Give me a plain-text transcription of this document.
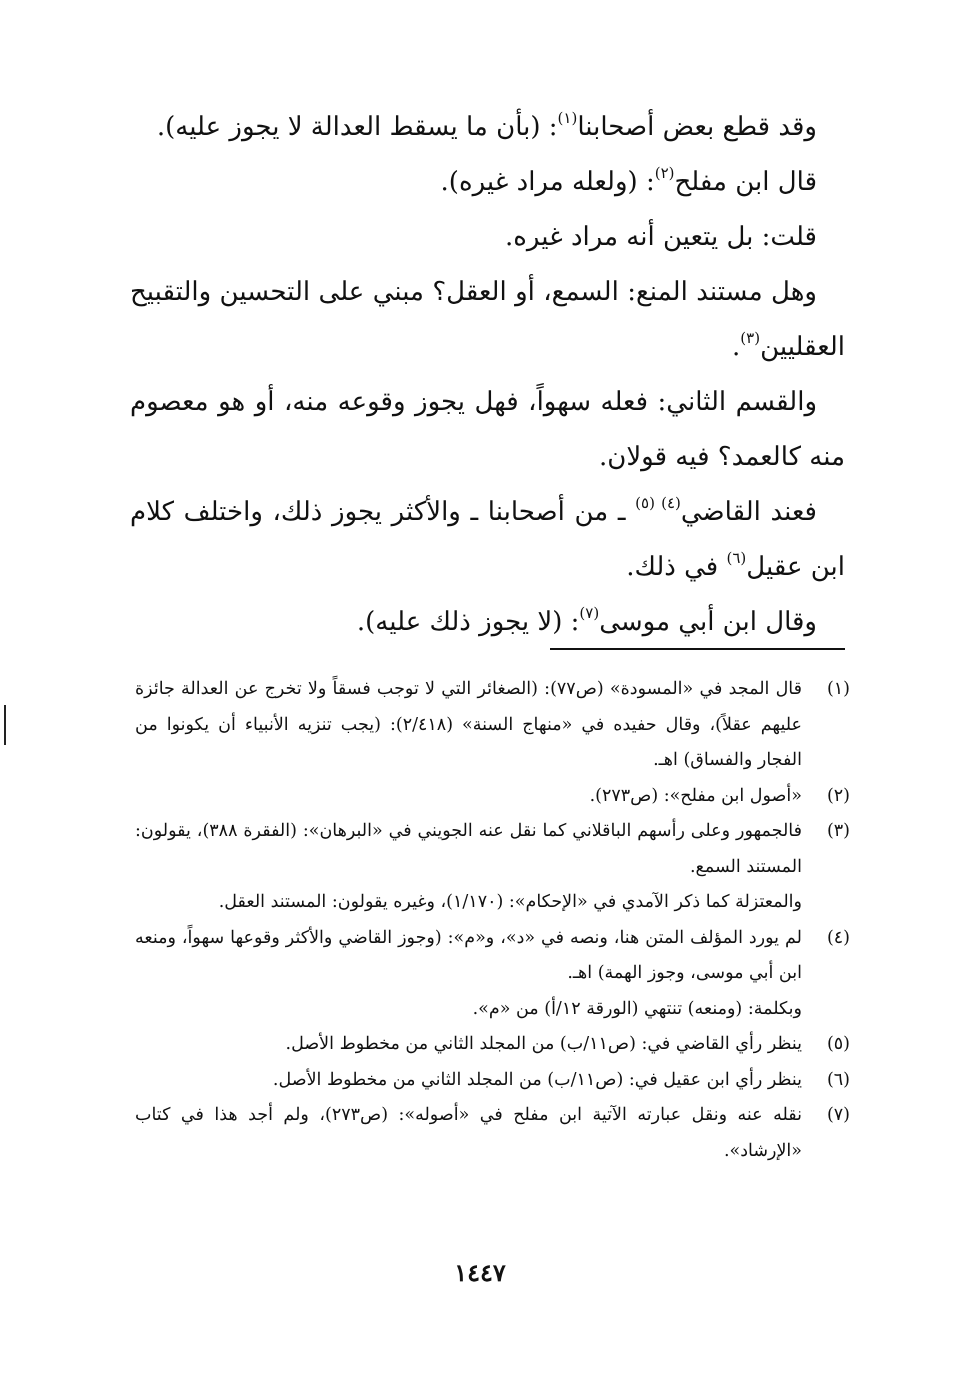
وقد قطع بعض أصحابنا$^{(١)}$: (بأن ما يسقط العدالة لا يجوز عليه).

قال ابن مفلح$^{(٢)}$: (ولعله مراد غيره).

قلت: بل يتعين أنه مراد غيره.

وهل مستند المنع: السمع، أو العقل؟ مبني على التحسين والتقبيح العقليين$^{(٣)}$.

والقسم الثاني: فعله سهواً، فهل يجوز وقوعه منه، أو هو معصوم منه كالعمد؟ فيه قولان.

فعند القاضي$^{(٤) (٥)}$ ـ من أصحابنا ـ والأكثر يجوز ذلك، واختلف كلام ابن عقيل$^{(٦)}$ في ذلك.

وقال ابن أبي موسى$^{(٧)}$: (لا يجوز ذلك عليه).

(١)
قال المجد في «المسودة» (ص٧٧): (الصغائر التي لا توجب فسقاً ولا تخرج عن العدالة جائزة عليهم عقلاً)، وقال حفيده في «منهاج السنة» (٢/٤١٨): (يجب تنزيه الأنبياء أن يكونوا من الفجار والفساق) اهـ.
(٢)
«أصول ابن مفلح»: (ص٢٧٣).
(٣)
فالجمهور وعلى رأسهم الباقلاني كما نقل عنه الجويني في «البرهان»: (الفقرة ٣٨٨)، يقولون: المستند السمع.
والمعتزلة كما ذكر الآمدي في «الإحكام»: (١/١٧٠)، وغيره يقولون: المستند العقل.
(٤)
لم يورد المؤلف المتن هنا، ونصه في «د»، و«م»: (وجوز القاضي والأكثر وقوعها سهواً، ومنعه ابن أبي موسى، وجوز الهمة) اهـ.
وبكلمة: (ومنعه) تنتهي (الورقة ١٢/أ) من «م».
(٥)
ينظر رأي القاضي في: (ص١١/ب) من المجلد الثاني من مخطوط الأصل.
(٦)
ينظر رأي ابن عقيل في: (ص١١/ب) من المجلد الثاني من مخطوط الأصل.
(٧)
نقله عنه ونقل عبارته الآتية ابن مفلح في «أصوله»: (ص٢٧٣)، ولم أجد هذا في كتاب «الإرشاد».
١٤٤٧
